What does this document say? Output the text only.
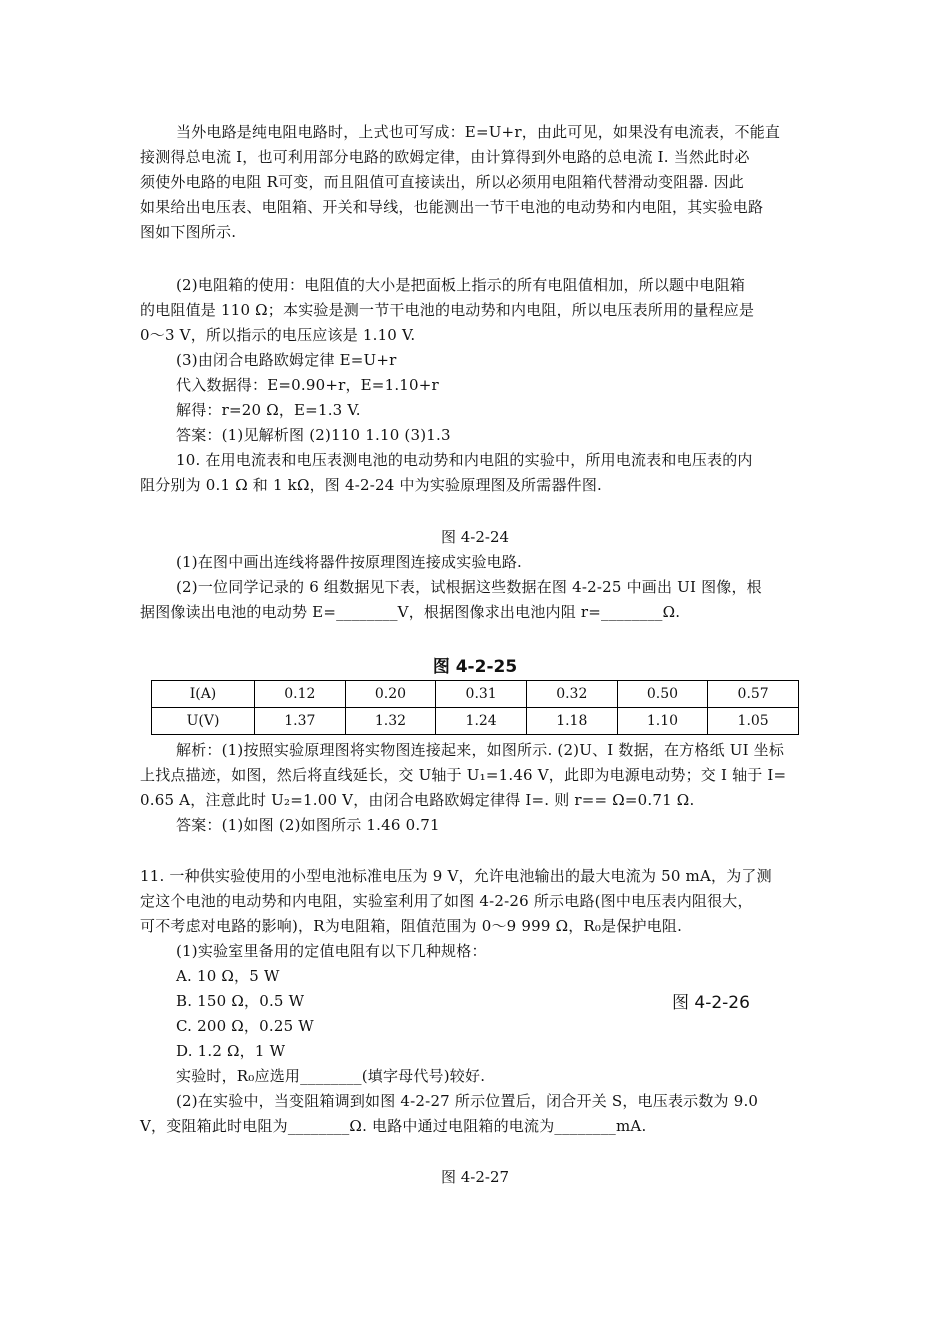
当外电路是纯电阻电路时，上式也可写成：E=U+r，由此可见，如果没有电流表，不能直
接测得总电流 I，也可利用部分电路的欧姆定律，由计算得到外电路的总电流 I. 当然此时必
须使外电路的电阻 R可变，而且阻值可直接读出，所以必须用电阻箱代替滑动变阻器. 因此
如果给出电压表、电阻箱、开关和导线，也能测出一节干电池的电动势和内电阻，其实验电路
图如下图所示.
(2)电阻箱的使用：电阻值的大小是把面板上指示的所有电阻值相加，所以题中电阻箱
的电阻值是 110 Ω；本实验是测一节干电池的电动势和内电阻，所以电压表所用的量程应是
0～3 V，所以指示的电压应该是 1.10 V.
(3)由闭合电路欧姆定律 E=U+r
代入数据得：E=0.90+r，E=1.10+r
解得：r=20 Ω，E=1.3 V.
答案：(1)见解析图 (2)110 1.10 (3)1.3
10. 在用电流表和电压表测电池的电动势和内电阻的实验中，所用电流表和电压表的内
阻分别为 0.1 Ω 和 1 kΩ，图 4-2-24 中为实验原理图及所需器件图.
图 4-2-24
(1)在图中画出连线将器件按原理图连接成实验电路.
(2)一位同学记录的 6 组数据见下表，试根据这些数据在图 4-2-25 中画出 UI 图像，根
据图像读出电池的电动势 E=________V，根据图像求出电池内阻 r=________Ω.
图 4-2-25
I(A)	0.12	0.20	0.31	0.32	0.50	0.57
U(V)	1.37	1.32	1.24	1.18	1.10	1.05
解析：(1)按照实验原理图将实物图连接起来，如图所示. (2)U、I 数据，在方格纸 UI 坐标
上找点描迹，如图，然后将直线延长，交 U轴于 U₁=1.46 V，此即为电源电动势；交 I 轴于 I=
0.65 A，注意此时 U₂=1.00 V，由闭合电路欧姆定律得 I=. 则 r== Ω=0.71 Ω.
答案：(1)如图 (2)如图所示 1.46 0.71
11. 一种供实验使用的小型电池标准电压为 9 V，允许电池输出的最大电流为 50 mA，为了测
定这个电池的电动势和内电阻，实验室利用了如图 4-2-26 所示电路(图中电压表内阻很大，
可不考虑对电路的影响)，R为电阻箱，阻值范围为 0～9 999 Ω，R₀是保护电阻.
(1)实验室里备用的定值电阻有以下几种规格：
A. 10 Ω，5 W
B. 150 Ω，0.5 W
C. 200 Ω，0.25 W
D. 1.2 Ω，1 W
实验时，R₀应选用________(填字母代号)较好.
(2)在实验中，当变阻箱调到如图 4-2-27 所示位置后，闭合开关 S，电压表示数为 9.0
V，变阻箱此时电阻为________Ω. 电路中通过电阻箱的电流为________mA.
图 4-2-26
图 4-2-27
